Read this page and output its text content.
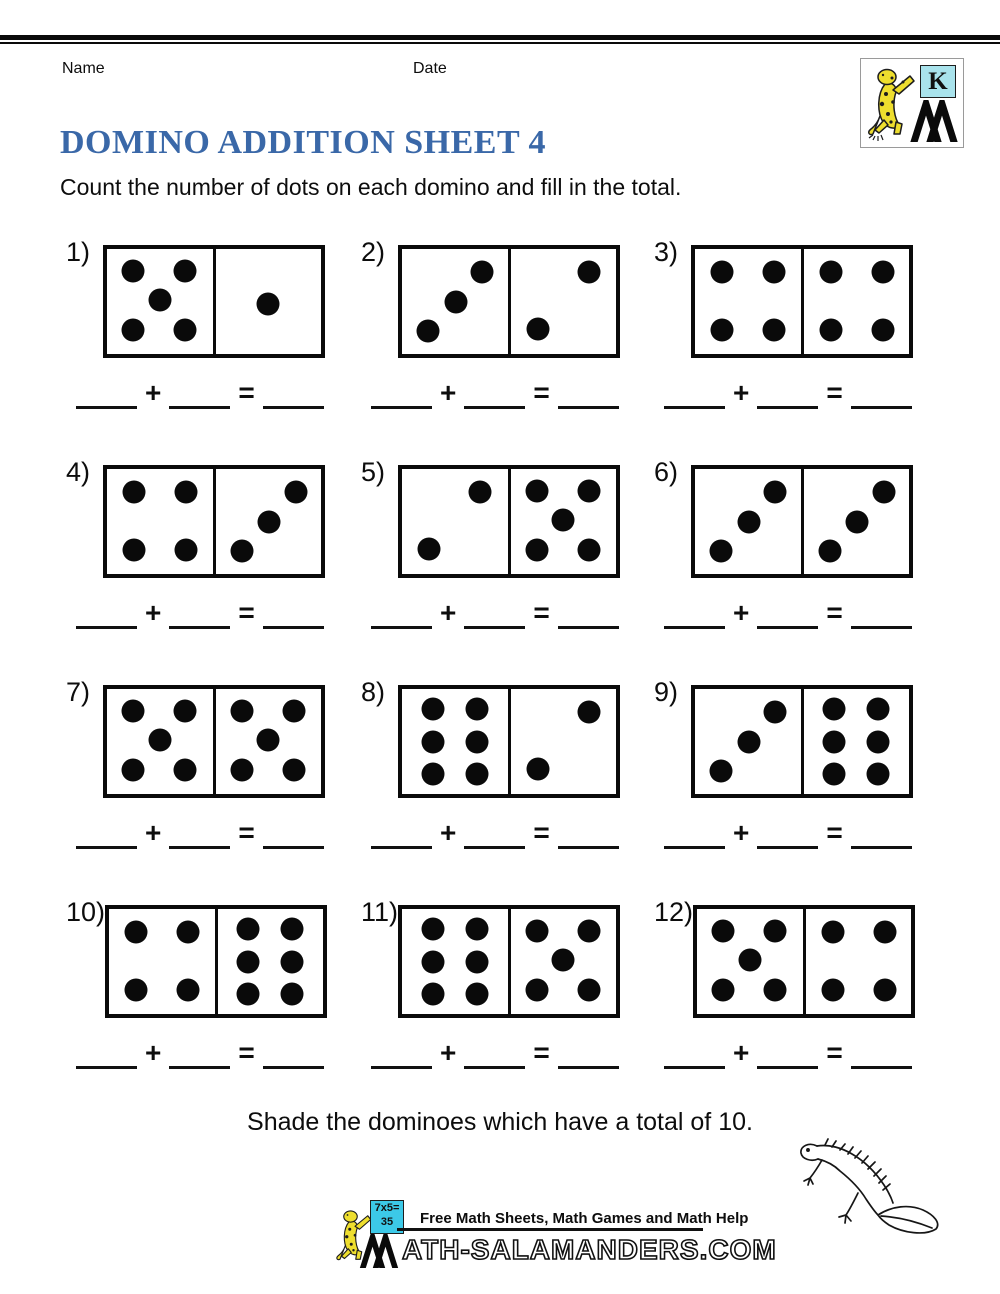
Name	Date	K
DOMINO ADDITION SHEET 4
Count the number of dots on each domino and fill in the total.
1)
+	=
2)
+	=
3)
+	=
4)
+	=
5)
+	=
6)
+	=
7)
+	=
8)
+	=
9)
+	=
10)
+	=
11)
+	=
12)
+	=
Shade the dominoes which have a total of 10.
7x5=
35	Free Math Sheets, Math Games and Math Help
ATH-SALAMANDERS.COM
